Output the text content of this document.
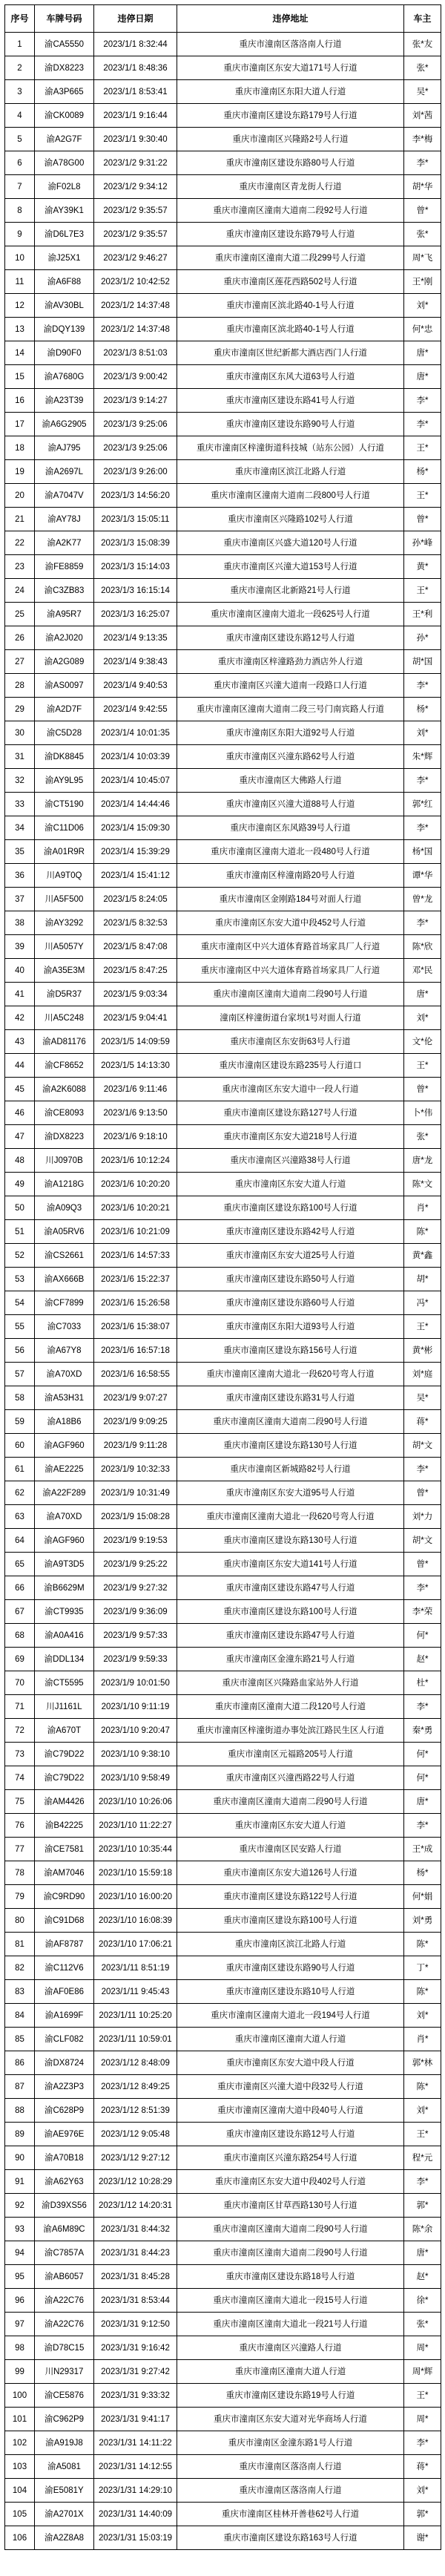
序号	车牌号码	违停日期	违停地址	车主
1	渝CA5550	2023/1/1 8:32:44	重庆市潼南区落洛南人行道	张*友
2	渝DX8223	2023/1/1 8:48:36	重庆市潼南区东安大道171号人行道	张*
3	渝A3P665	2023/1/1 8:53:41	重庆市潼南区东阳大道人行道	吴*
4	渝CK0089	2023/1/1 9:16:44	重庆市潼南区建设东路179号人行道	刘*茜
5	渝A2G7F	2023/1/1 9:30:40	重庆市潼南区兴隆路2号人行道	李*梅
6	渝A78G00	2023/1/2 9:31:22	重庆市潼南区建设东路80号人行道	李*
7	渝F02L8	2023/1/2 9:34:12	重庆市潼南区青龙街人行道	胡*华
8	渝AY39K1	2023/1/2 9:35:57	重庆市潼南区潼南大道南二段92号人行道	曾*
9	渝D6L7E3	2023/1/2 9:35:57	重庆市潼南区建设东路79号人行道	张*
10	渝J25X1	2023/1/2 9:46:27	重庆市潼南区潼南大道二段299号人行道	周*飞
11	渝A6F88	2023/1/2 10:42:52	重庆市潼南区莲花西路502号人行道	王*刚
12	渝AV30BL	2023/1/2 14:37:48	重庆市潼南区滨北路40-1号人行道	刘*
13	渝DQY139	2023/1/2 14:37:48	重庆市潼南区滨北路40-1号人行道	何*忠
14	渝D90F0	2023/1/3 8:51:03	重庆市潼南区世纪新都大酒店西门人行道	唐*
15	渝A7680G	2023/1/3 9:00:42	重庆市潼南区东风大道63号人行道	唐*
16	渝A23T39	2023/1/3 9:14:27	重庆市潼南区建设东路41号人行道	李*
17	渝A6G2905	2023/1/3 9:25:06	重庆市潼南区建设东路90号人行道	李*
18	渝AJ795	2023/1/3 9:25:06	重庆市潼南区梓潼街道科技城（站东公园）人行道	王*
19	渝A2697L	2023/1/3 9:26:00	重庆市潼南区滨江北路人行道	杨*
20	渝A7047V	2023/1/3 14:56:20	重庆市潼南区潼南大道南二段800号人行道	王*
21	渝AY78J	2023/1/3 15:05:11	重庆市潼南区兴隆路102号人行道	曾*
22	渝A2K77	2023/1/3 15:08:39	重庆市潼南区兴盛大道120号人行道	孙*峰
23	渝FE8859	2023/1/3 15:14:03	重庆市潼南区兴潼大道153号人行道	黄*
24	渝C3ZB83	2023/1/3 16:15:14	重庆市潼南区北新路21号人行道	王*
25	渝A95R7	2023/1/3 16:25:07	重庆市潼南区潼南大道北一段625号人行道	王*利
26	渝A2J020	2023/1/4 9:13:35	重庆市潼南区建设东路12号人行道	孙*
27	渝A2G089	2023/1/4 9:38:43	重庆市潼南区梓潼路劲力酒店外人行道	胡*国
28	渝AS0097	2023/1/4 9:40:53	重庆市潼南区兴潼大道南一段路口人行道	李*
29	渝A2D7F	2023/1/4 9:42:55	重庆市潼南区潼南大道南二段三号门南宾路人行道	杨*
30	渝C5D28	2023/1/4 10:01:35	重庆市潼南区东阳大道92号人行道	刘*
31	渝DK8845	2023/1/4 10:03:39	重庆市潼南区兴潼东路62号人行道	朱*辉
32	渝AY9L95	2023/1/4 10:45:07	重庆市潼南区大佛路人行道	李*
33	渝CT5190	2023/1/4 14:44:46	重庆市潼南区兴潼大道88号人行道	郭*红
34	渝C11D06	2023/1/4 15:09:30	重庆市潼南区东风路39号人行道	李*
35	渝A01R9R	2023/1/4 15:39:29	重庆市潼南区潼南大道北一段480号人行道	杨*国
36	川A9T0Q	2023/1/4 15:41:12	重庆市潼南区梓潼南路20号人行道	谭*华
37	川A5F500	2023/1/5 8:24:05	重庆市潼南区金刚路184号对面人行道	曾*龙
38	渝AY3292	2023/1/5 8:32:53	重庆市潼南区东安大道中段452号人行道	李*
39	川A5057Y	2023/1/5 8:47:08	重庆市潼南区中兴大道体育路首场家具厂人行道	陈*欣
40	渝A35E3M	2023/1/5 8:47:25	重庆市潼南区中兴大道体育路首场家具厂人行道	邓*民
41	渝D5R37	2023/1/5 9:03:34	重庆市潼南区潼南大道南二段90号人行道	唐*
42	川A5C248	2023/1/5 9:04:41	潼南区梓潼街道台家坝1号对面人行道	刘*
43	渝AD81176	2023/1/5 14:09:59	重庆市潼南区东安街63号人行道	文*伦
44	渝CF8652	2023/1/5 14:13:30	重庆市潼南区建设东路235号人行道口	王*
45	渝A2K6088	2023/1/6 9:11:46	重庆市潼南区东安大道中一段人行道	曾*
46	渝CE8093	2023/1/6 9:13:50	重庆市潼南区建设东路127号人行道	卜*伟
47	渝DX8223	2023/1/6 9:18:10	重庆市潼南区东安大道218号人行道	张*
48	川J0970B	2023/1/6 10:12:24	重庆市潼南区兴潼路38号人行道	唐*龙
49	渝A1218G	2023/1/6 10:20:20	重庆市潼南区东安大道人行道	陈*文
50	渝A09Q3	2023/1/6 10:20:21	重庆市潼南区建设东路100号人行道	肖*
51	渝A05RV6	2023/1/6 10:21:09	重庆市潼南区建设东路42号人行道	陈*
52	渝CS2661	2023/1/6 14:57:33	重庆市潼南区东安大道25号人行道	黄*鑫
53	渝AX666B	2023/1/6 15:22:37	重庆市潼南区建设东路50号人行道	胡*
54	渝CF7899	2023/1/6 15:26:58	重庆市潼南区建设东路60号人行道	冯*
55	渝C7033	2023/1/6 15:38:07	重庆市潼南区东阳大道93号人行道	王*
56	渝A67Y8	2023/1/6 16:57:18	重庆市潼南区建设东路156号人行道	黄*彬
57	渝A70XD	2023/1/6 16:58:55	重庆市潼南区潼南大道北一段620号弯人行道	刘*庭
58	渝A53H31	2023/1/9 9:07:27	重庆市潼南区建设东路31号人行道	吴*
59	渝A18B6	2023/1/9 9:09:25	重庆市潼南区潼南大道南二段90号人行道	蒋*
60	渝AGF960	2023/1/9 9:11:28	重庆市潼南区建设东路130号人行道	胡*文
61	渝AE2225	2023/1/9 10:32:33	重庆市潼南区新城路82号人行道	李*
62	渝A22F289	2023/1/9 10:31:49	重庆市潼南区东安大道95号人行道	曾*
63	渝A70XD	2023/1/9 15:08:28	重庆市潼南区潼南大道北一段620号弯人行道	刘*力
64	渝AGF960	2023/1/9 9:19:53	重庆市潼南区建设东路130号人行道	胡*文
65	渝A9T3D5	2023/1/9 9:25:22	重庆市潼南区东安大道141号人行道	曾*
66	渝B6629M	2023/1/9 9:27:32	重庆市潼南区建设东路47号人行道	李*
67	渝CT9935	2023/1/9 9:36:09	重庆市潼南区建设东路100号人行道	李*荣
68	渝A0A416	2023/1/9 9:57:33	重庆市潼南区建设东路47号人行道	何*
69	渝DDL134	2023/1/9 9:59:33	重庆市潼南区金潼东路21号人行道	赵*
70	渝CT5595	2023/1/9 10:01:50	重庆市潼南区兴隆路血家站外人行道	杜*
71	川J1161L	2023/1/10 9:11:19	重庆市潼南区潼南大道二段120号人行道	李*
72	渝A670T	2023/1/10 9:20:47	重庆市潼南区梓潼街道办事处滨江路民生区人行道	秦*勇
73	渝C79D22	2023/1/10 9:38:10	重庆市潼南区元福路205号人行道	何*
74	渝C79D22	2023/1/10 9:58:49	重庆市潼南区兴潼西路22号人行道	何*
75	渝AM4426	2023/1/10 10:26:06	重庆市潼南区潼南大道南二段90号人行道	唐*
76	渝B42225	2023/1/10 11:22:27	重庆市潼南区东安大道人行道	李*
77	渝CE7581	2023/1/10 10:35:44	重庆市潼南区民安路人行道	王*成
78	渝AM7046	2023/1/10 15:59:18	重庆市潼南区东安大道126号人行道	杨*
79	渝C9RD90	2023/1/10 16:00:20	重庆市潼南区建设东路122号人行道	何*娟
80	渝C91D68	2023/1/10 16:08:39	重庆市潼南区建设东路100号人行道	刘*勇
81	渝AF8787	2023/1/10 17:06:21	重庆市潼南区滨江北路人行道	陈*
82	渝C112V6	2023/1/11 8:51:19	重庆市潼南区建设东路90号人行道	丁*
83	渝AF0E86	2023/1/11 9:45:43	重庆市潼南区建设东路10号人行道	陈*
84	渝A1699F	2023/1/11 10:25:20	重庆市潼南区潼南大道北一段194号人行道	刘*
85	渝CLF082	2023/1/11 10:59:01	重庆市潼南区潼南大道人行道	肖*
86	渝DX8724	2023/1/12 8:48:09	重庆市潼南区东安大道中段人行道	郭*林
87	渝A2Z3P3	2023/1/12 8:49:25	重庆市潼南区兴潼大道中段32号人行道	陈*
88	渝C628P9	2023/1/12 8:51:39	重庆市潼南区潼南大道中段40号人行道	刘*
89	渝AE976E	2023/1/12 9:05:48	重庆市潼南区建设东路12号人行道	王*
90	渝A70B18	2023/1/12 9:27:12	重庆市潼南区兴潼东路254号人行道	程*元
91	渝A62Y63	2023/1/12 10:28:29	重庆市潼南区东安大道中段402号人行道	李*
92	渝D39XS56	2023/1/12 14:20:31	重庆市潼南区甘草西路130号人行道	郭*
93	渝A6M89C	2023/1/31 8:44:32	重庆市潼南区潼南大道南二段90号人行道	陈*余
94	渝C7857A	2023/1/31 8:44:23	重庆市潼南区潼南大道南二段90号人行道	唐*
95	渝AB6057	2023/1/31 8:45:28	重庆市潼南区建设东路18号人行道	赵*
96	渝A22C76	2023/1/31 8:53:44	重庆市潼南区潼南大道北一段15号人行道	徐*
97	渝A22C76	2023/1/31 9:12:50	重庆市潼南区潼南大道北一段21号人行道	张*
98	渝D78C15	2023/1/31 9:16:42	重庆市潼南区兴潼路人行道	周*
99	川N29317	2023/1/31 9:27:42	重庆市潼南区潼南大道人行道	周*辉
100	渝CE5876	2023/1/31 9:33:32	重庆市潼南区建设东路19号人行道	王*
101	渝C962P9	2023/1/31 9:41:17	重庆市潼南区东安大道对光华商场人行道	周*
102	渝A919J8	2023/1/31 14:11:22	重庆市潼南区金潼东路1号人行道	李*
103	渝A5081	2023/1/31 14:12:55	重庆市潼南区落洛南人行道	蒋*
104	渝E5081Y	2023/1/31 14:29:10	重庆市潼南区落洛南人行道	刘*
105	渝A2701X	2023/1/31 14:40:09	重庆市潼南区桂林开善巷62号人行道	郭*
106	渝A2Z8A8	2023/1/31 15:03:19	重庆市潼南区建设东路163号人行道	谢*
